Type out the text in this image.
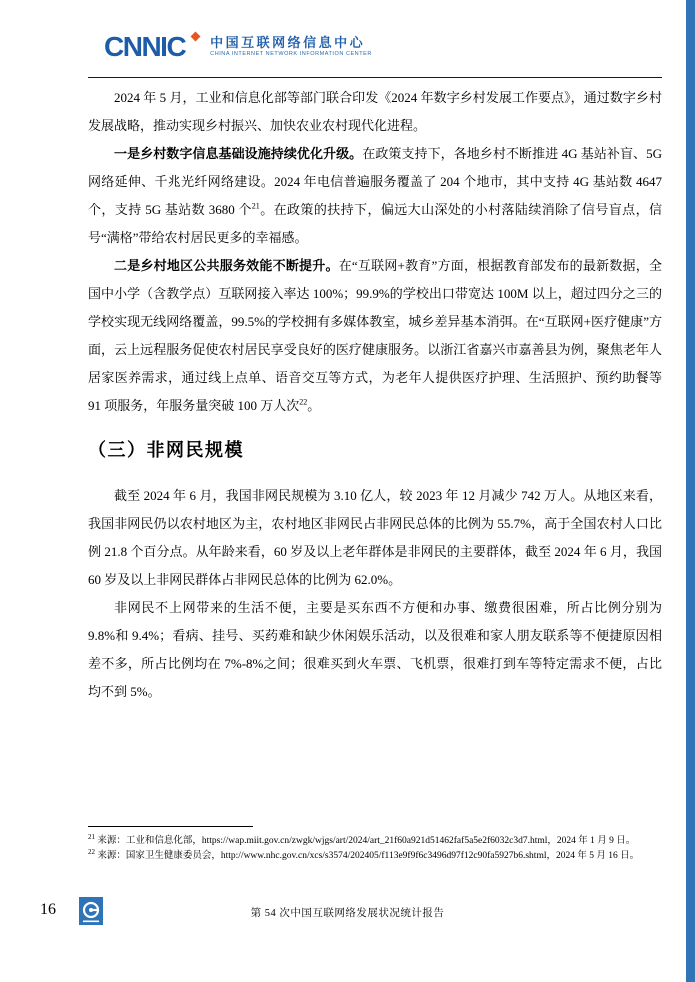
CNNIC 中国互联网络信息中心
CHINA INTERNET NETWORK INFORMATION CENTER

2024 年 5 月，工业和信息化部等部门联合印发《2024 年数字乡村发展工作要点》，通过数字乡村发展战略，推动实现乡村振兴、加快农业农村现代化进程。

一是乡村数字信息基础设施持续优化升级。在政策支持下，各地乡村不断推进 4G 基站补盲、5G 网络延伸、千兆光纤网络建设。2024 年电信普遍服务覆盖了 204 个地市，其中支持 4G 基站数 4647 个，支持 5G 基站数 3680 个$^{21}$。在政策的扶持下，偏远大山深处的小村落陆续消除了信号盲点，信号“满格”带给农村居民更多的幸福感。

二是乡村地区公共服务效能不断提升。在“互联网+教育”方面，根据教育部发布的最新数据，全国中小学（含教学点）互联网接入率达 100%；99.9%的学校出口带宽达 100M 以上，超过四分之三的学校实现无线网络覆盖，99.5%的学校拥有多媒体教室，城乡差异基本消弭。在“互联网+医疗健康”方面，云上远程服务促使农村居民享受良好的医疗健康服务。以浙江省嘉兴市嘉善县为例，聚焦老年人居家医养需求，通过线上点单、语音交互等方式，为老年人提供医疗护理、生活照护、预约助餐等 91 项服务，年服务量突破 100 万人次$^{22}$。

（三）非网民规模

截至 2024 年 6 月，我国非网民规模为 3.10 亿人，较 2023 年 12 月减少 742 万人。从地区来看，我国非网民仍以农村地区为主，农村地区非网民占非网民总体的比例为 55.7%，高于全国农村人口比例 21.8 个百分点。从年龄来看，60 岁及以上老年群体是非网民的主要群体，截至 2024 年 6 月，我国 60 岁及以上非网民群体占非网民总体的比例为 62.0%。

非网民不上网带来的生活不便，主要是买东西不方便和办事、缴费很困难，所占比例分别为 9.8%和 9.4%；看病、挂号、买药难和缺少休闲娱乐活动，以及很难和家人朋友联系等不便捷原因相差不多，所占比例均在 7%-8%之间；很难买到火车票、飞机票，很难打到车等特定需求不便，占比均不到 5%。

$^{21}$ 来源：工业和信息化部，https://wap.miit.gov.cn/zwgk/wjgs/art/2024/art_21f60a921d51462faf5a5e2f6032c3d7.html，2024 年 1 月 9 日。

$^{22}$ 来源：国家卫生健康委员会，http://www.nhc.gov.cn/xcs/s3574/202405/f113e9f9f6c3496d97f12c90fa5927b6.shtml，2024 年 5 月 16 日。

16	第 54 次中国互联网络发展状况统计报告
